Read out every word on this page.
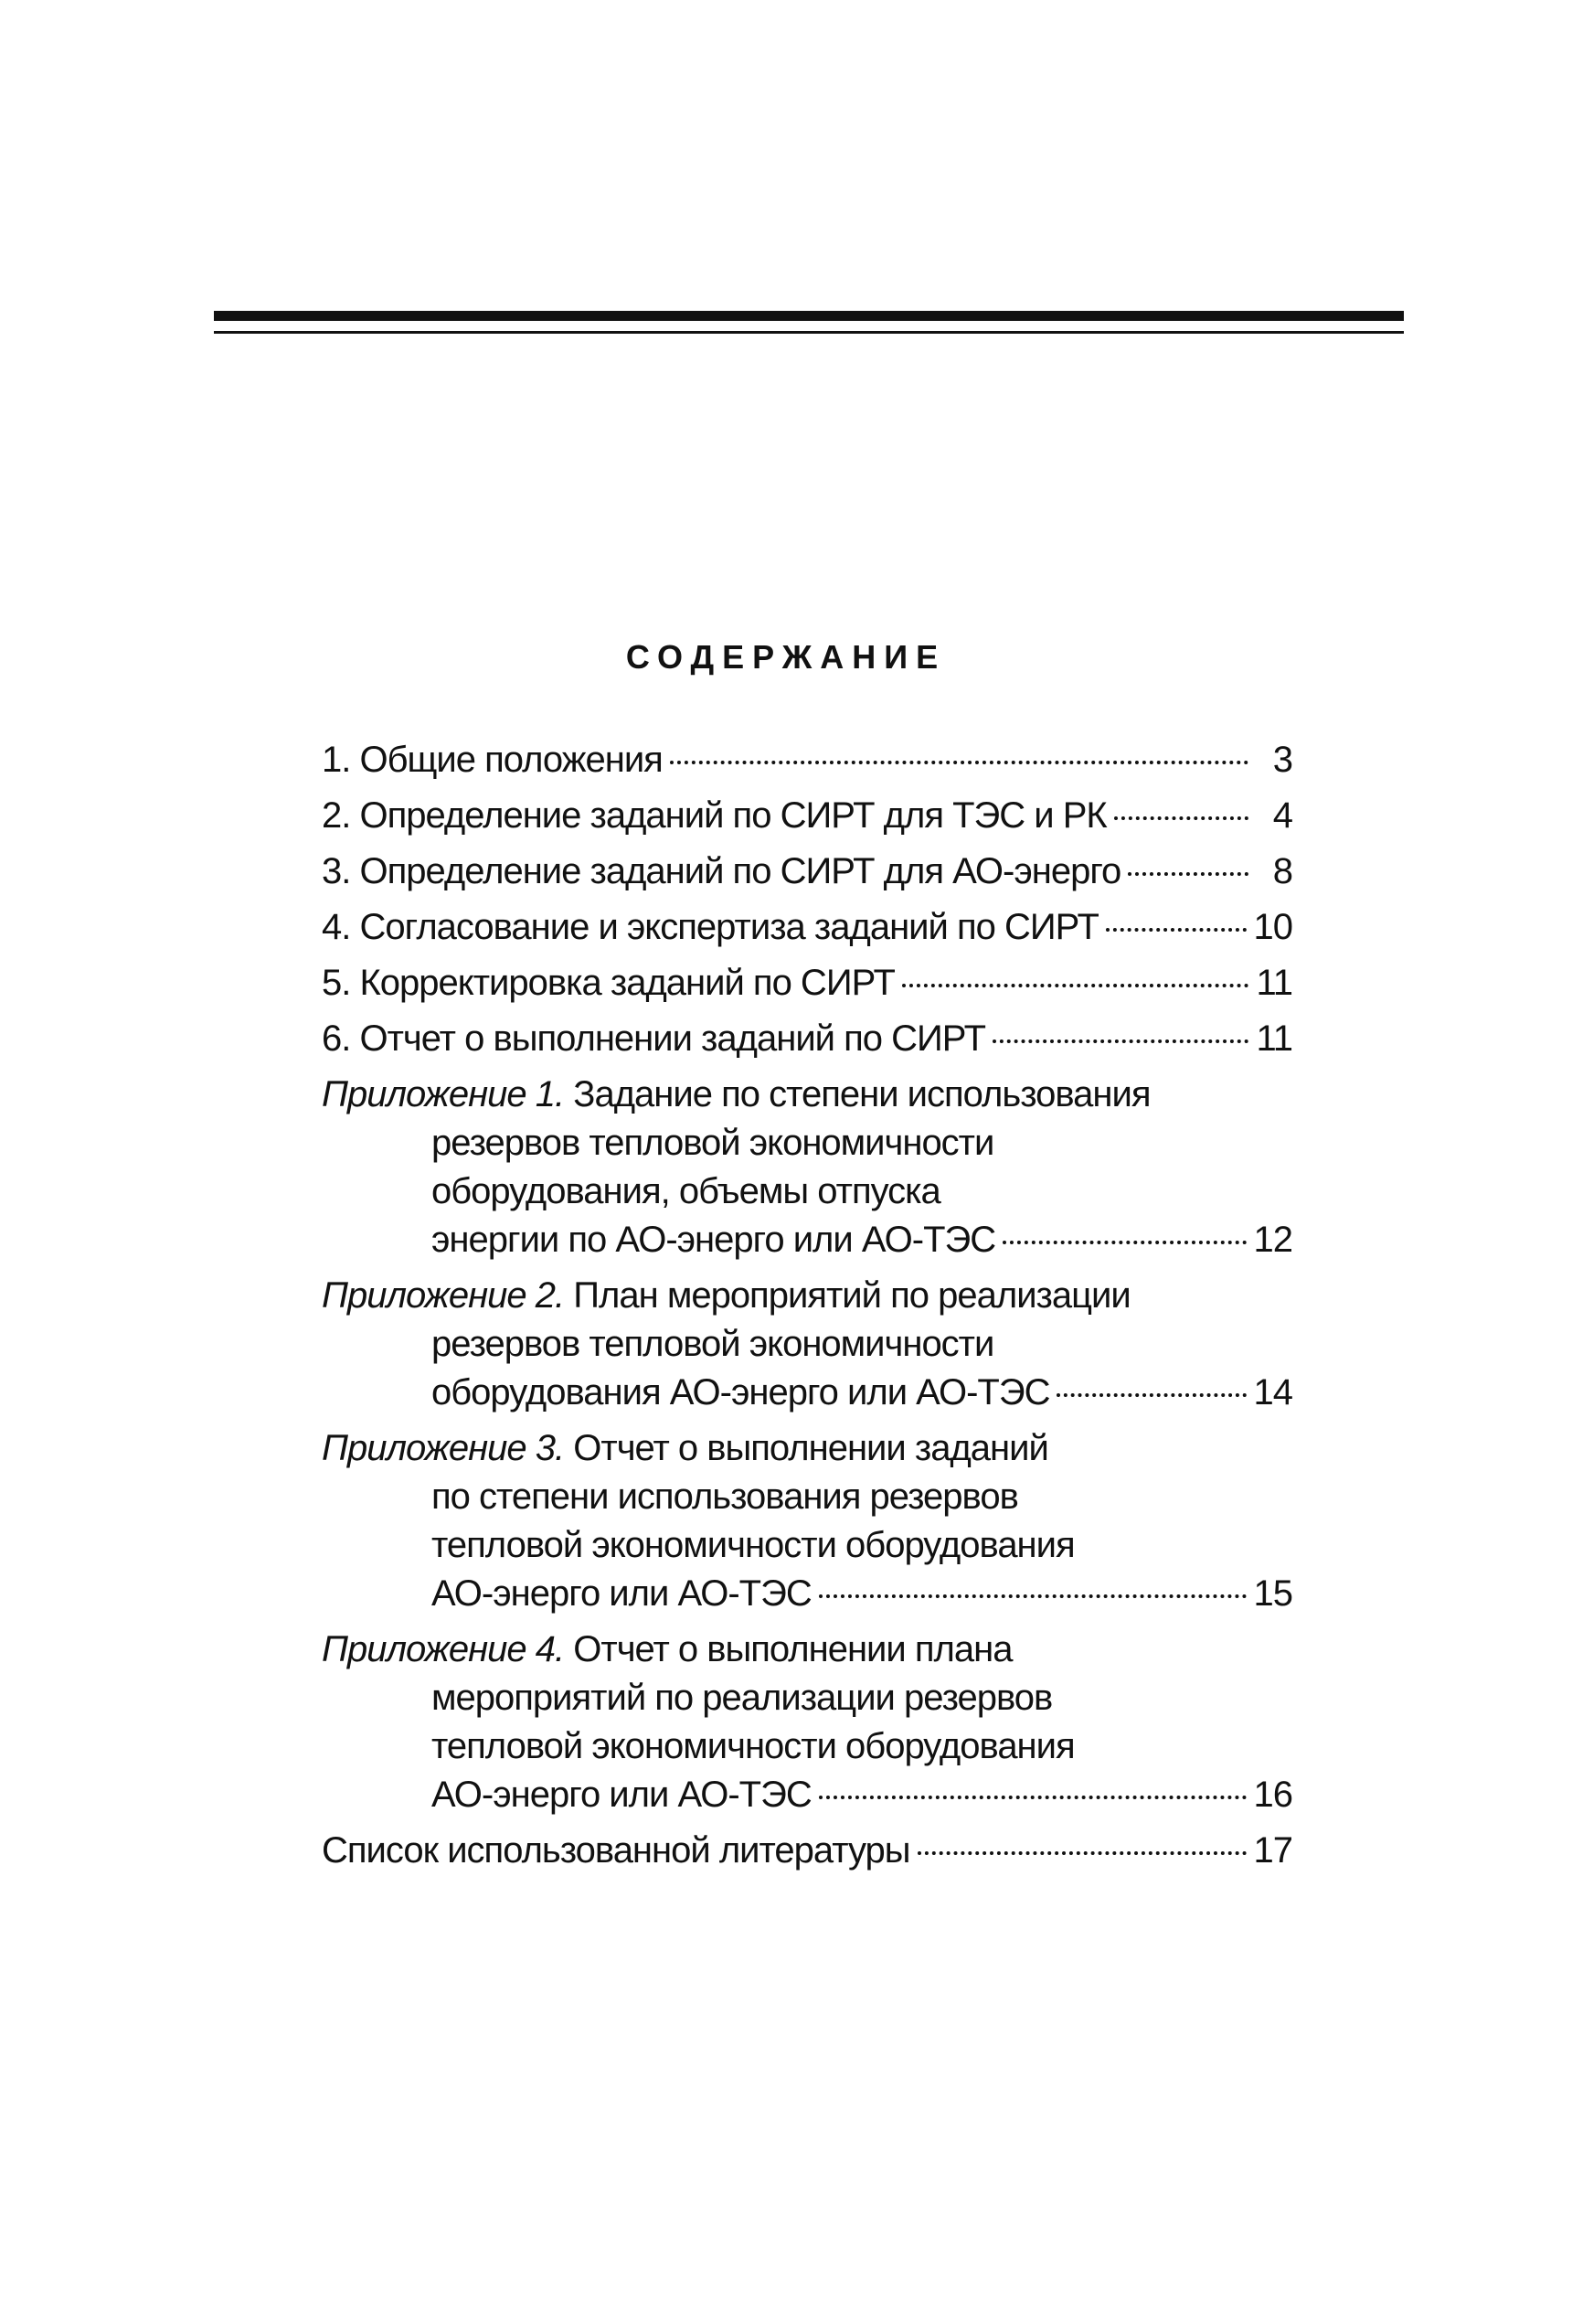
СОДЕРЖАНИЕ
1. Общие положения	3
2. Определение заданий по СИРТ для ТЭС и РК	4
3. Определение заданий по СИРТ для АО-энерго	8
4. Согласование и экспертиза заданий по СИРТ	10
5. Корректировка заданий по СИРТ	11
6. Отчет о выполнении заданий по СИРТ	11
Приложение 1.
Задание по степени использования
резервов тепловой экономичности
оборудования, объемы отпуска
энергии по АО-энерго или АО-ТЭС	12
Приложение 2.
План мероприятий по реализации
резервов тепловой экономичности
оборудования АО-энерго или АО-ТЭС	14
Приложение 3.
Отчет о выполнении заданий
по степени использования резервов
тепловой экономичности оборудования
АО-энерго или АО-ТЭС	15
Приложение 4.
Отчет о выполнении плана
мероприятий по реализации резервов
тепловой экономичности оборудования
АО-энерго или АО-ТЭС	16
Список использованной литературы	17
